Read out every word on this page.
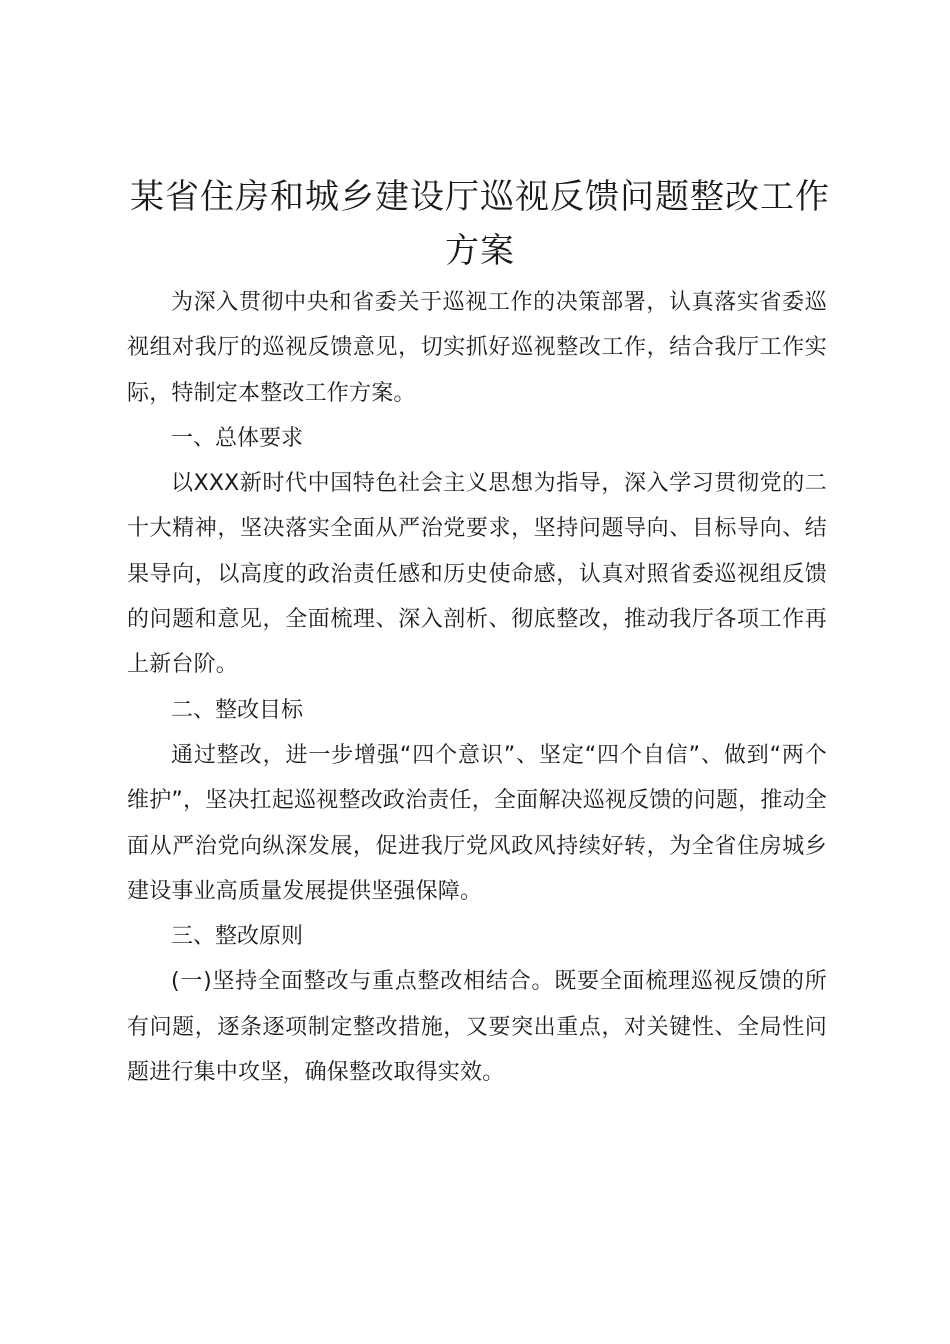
某省住房和城乡建设厅巡视反馈问题整改工作
方案

为深入贯彻中央和省委关于巡视工作的决策部署，认真落实省委巡视组对我厅的巡视反馈意见，切实抓好巡视整改工作，结合我厅工作实际，特制定本整改工作方案。

一、总体要求

以XXX新时代中国特色社会主义思想为指导，深入学习贯彻党的二十大精神，坚决落实全面从严治党要求，坚持问题导向、目标导向、结果导向，以高度的政治责任感和历史使命感，认真对照省委巡视组反馈的问题和意见，全面梳理、深入剖析、彻底整改，推动我厅各项工作再上新台阶。

二、整改目标

通过整改，进一步增强“四个意识”、坚定“四个自信”、做到“两个维护”，坚决扛起巡视整改政治责任，全面解决巡视反馈的问题，推动全面从严治党向纵深发展，促进我厅党风政风持续好转，为全省住房城乡建设事业高质量发展提供坚强保障。

三、整改原则

(一)坚持全面整改与重点整改相结合。既要全面梳理巡视反馈的所有问题，逐条逐项制定整改措施，又要突出重点，对关键性、全局性问题进行集中攻坚，确保整改取得实效。
